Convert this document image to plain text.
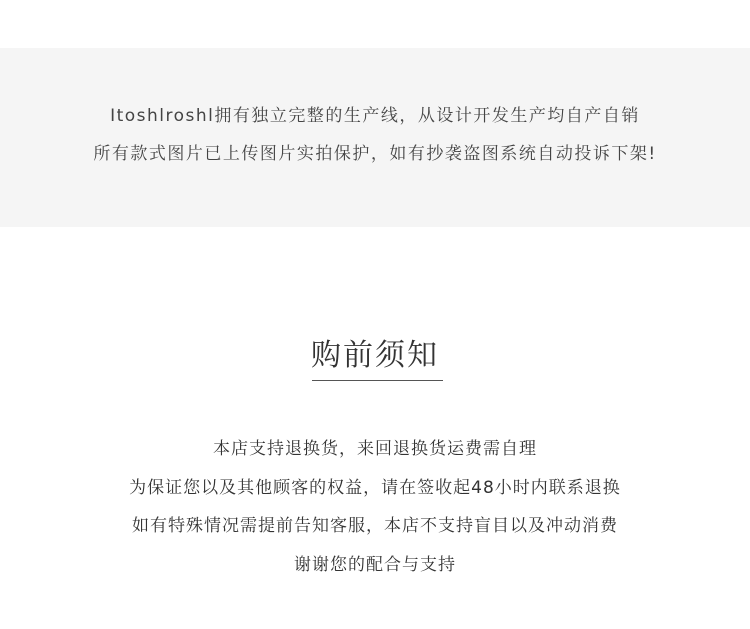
Itoshlroshl拥有独立完整的生产线，从设计开发生产均自产自销
所有款式图片已上传图片实拍保护，如有抄袭盗图系统自动投诉下架!
购前须知
本店支持退换货，来回退换货运费需自理
为保证您以及其他顾客的权益，请在签收起48小时内联系退换
如有特殊情况需提前告知客服，本店不支持盲目以及冲动消费
谢谢您的配合与支持
